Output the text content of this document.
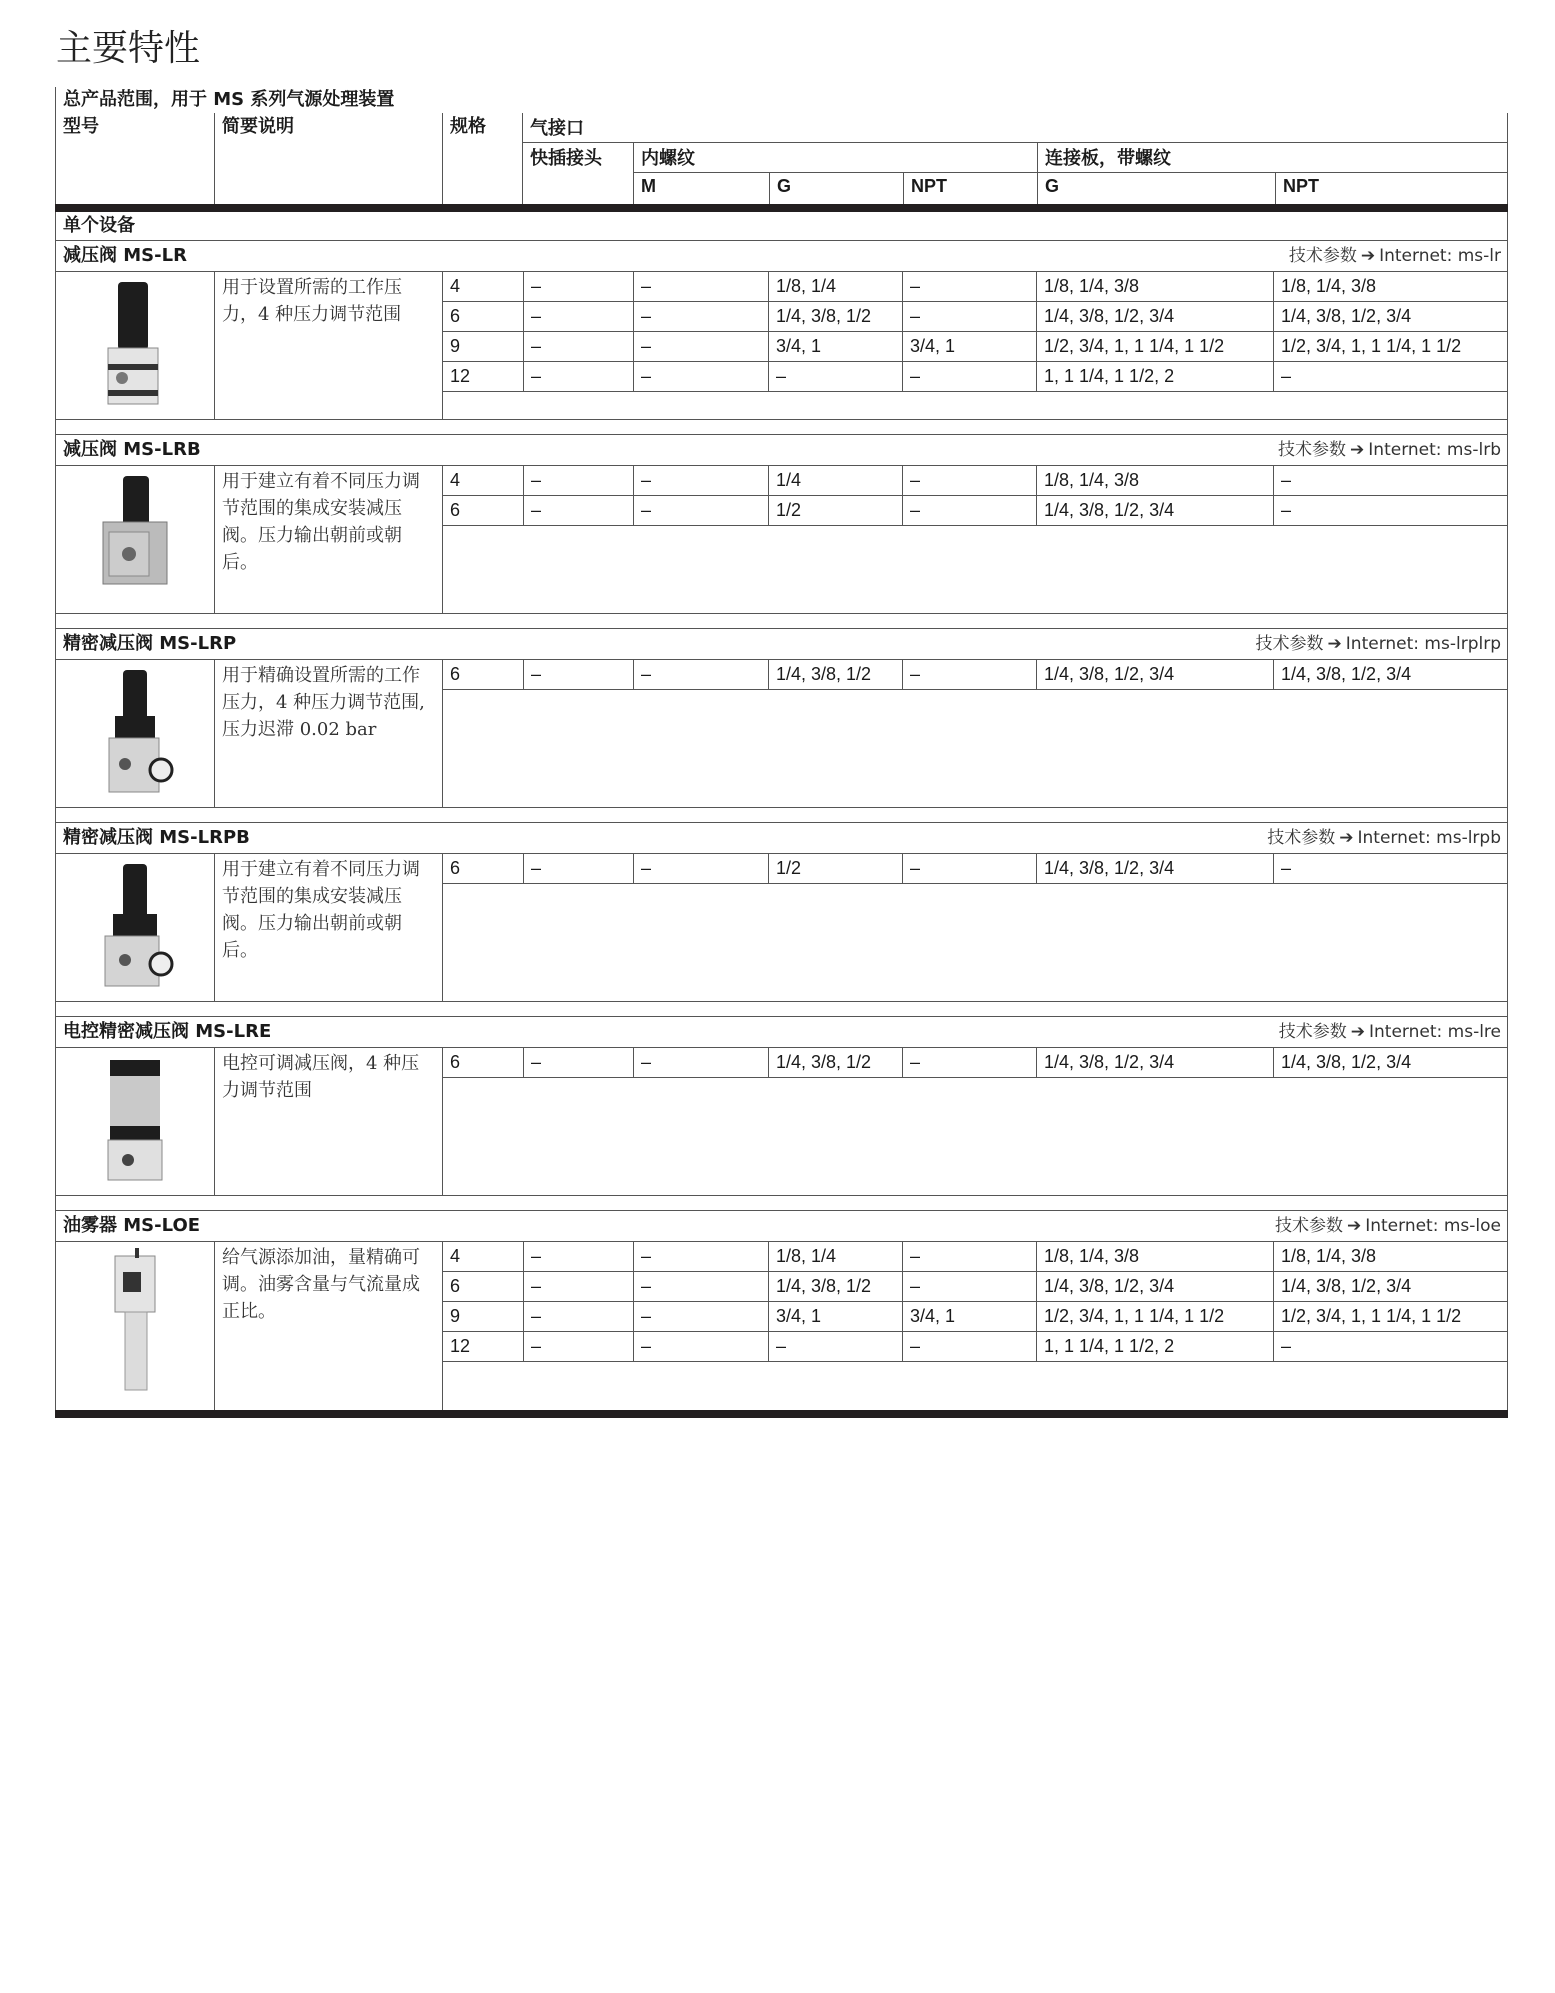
主要特性
总产品范围，用于 MS 系列气源处理装置
型号	简要说明	规格	气接口
快插接头	内螺纹
M	G	NPT
连接板，带螺纹
G	NPT
单个设备
减压阀 MS-LR	技术参数 ➔ Internet: ms-lr
用于设置所需的工作压力，4 种压力调节范围
4	–	–	1/8, 1/4	–	1/8, 1/4, 3/8	1/8, 1/4, 3/8
6	–	–	1/4, 3/8, 1/2	–	1/4, 3/8, 1/2, 3/4	1/4, 3/8, 1/2, 3/4
9	–	–	3/4, 1	3/4, 1	1/2, 3/4, 1, 1 1/4, 1 1/2	1/2, 3/4, 1, 1 1/4, 1 1/2
12	–	–	–	–	1, 1 1/4, 1 1/2, 2	–
减压阀 MS-LRB	技术参数 ➔ Internet: ms-lrb
用于建立有着不同压力调节范围的集成安装减压阀。压力输出朝前或朝后。
4	–	–	1/4	–	1/8, 1/4, 3/8	–
6	–	–	1/2	–	1/4, 3/8, 1/2, 3/4	–
精密减压阀 MS-LRP	技术参数 ➔ Internet: ms-lrplrp
用于精确设置所需的工作压力，4 种压力调节范围,压力迟滞 0.02 bar
6	–	–	1/4, 3/8, 1/2	–	1/4, 3/8, 1/2, 3/4	1/4, 3/8, 1/2, 3/4
精密减压阀 MS-LRPB	技术参数 ➔ Internet: ms-lrpb
用于建立有着不同压力调节范围的集成安装减压阀。压力输出朝前或朝后。
6	–	–	1/2	–	1/4, 3/8, 1/2, 3/4	–
电控精密减压阀 MS-LRE	技术参数 ➔ Internet: ms-lre
电控可调减压阀，4 种压力调节范围
6	–	–	1/4, 3/8, 1/2	–	1/4, 3/8, 1/2, 3/4	1/4, 3/8, 1/2, 3/4
油雾器 MS-LOE	技术参数 ➔ Internet: ms-loe
给气源添加油，量精确可调。油雾含量与气流量成正比。
4	–	–	1/8, 1/4	–	1/8, 1/4, 3/8	1/8, 1/4, 3/8
6	–	–	1/4, 3/8, 1/2	–	1/4, 3/8, 1/2, 3/4	1/4, 3/8, 1/2, 3/4
9	–	–	3/4, 1	3/4, 1	1/2, 3/4, 1, 1 1/4, 1 1/2	1/2, 3/4, 1, 1 1/4, 1 1/2
12	–	–	–	–	1, 1 1/4, 1 1/2, 2	–
